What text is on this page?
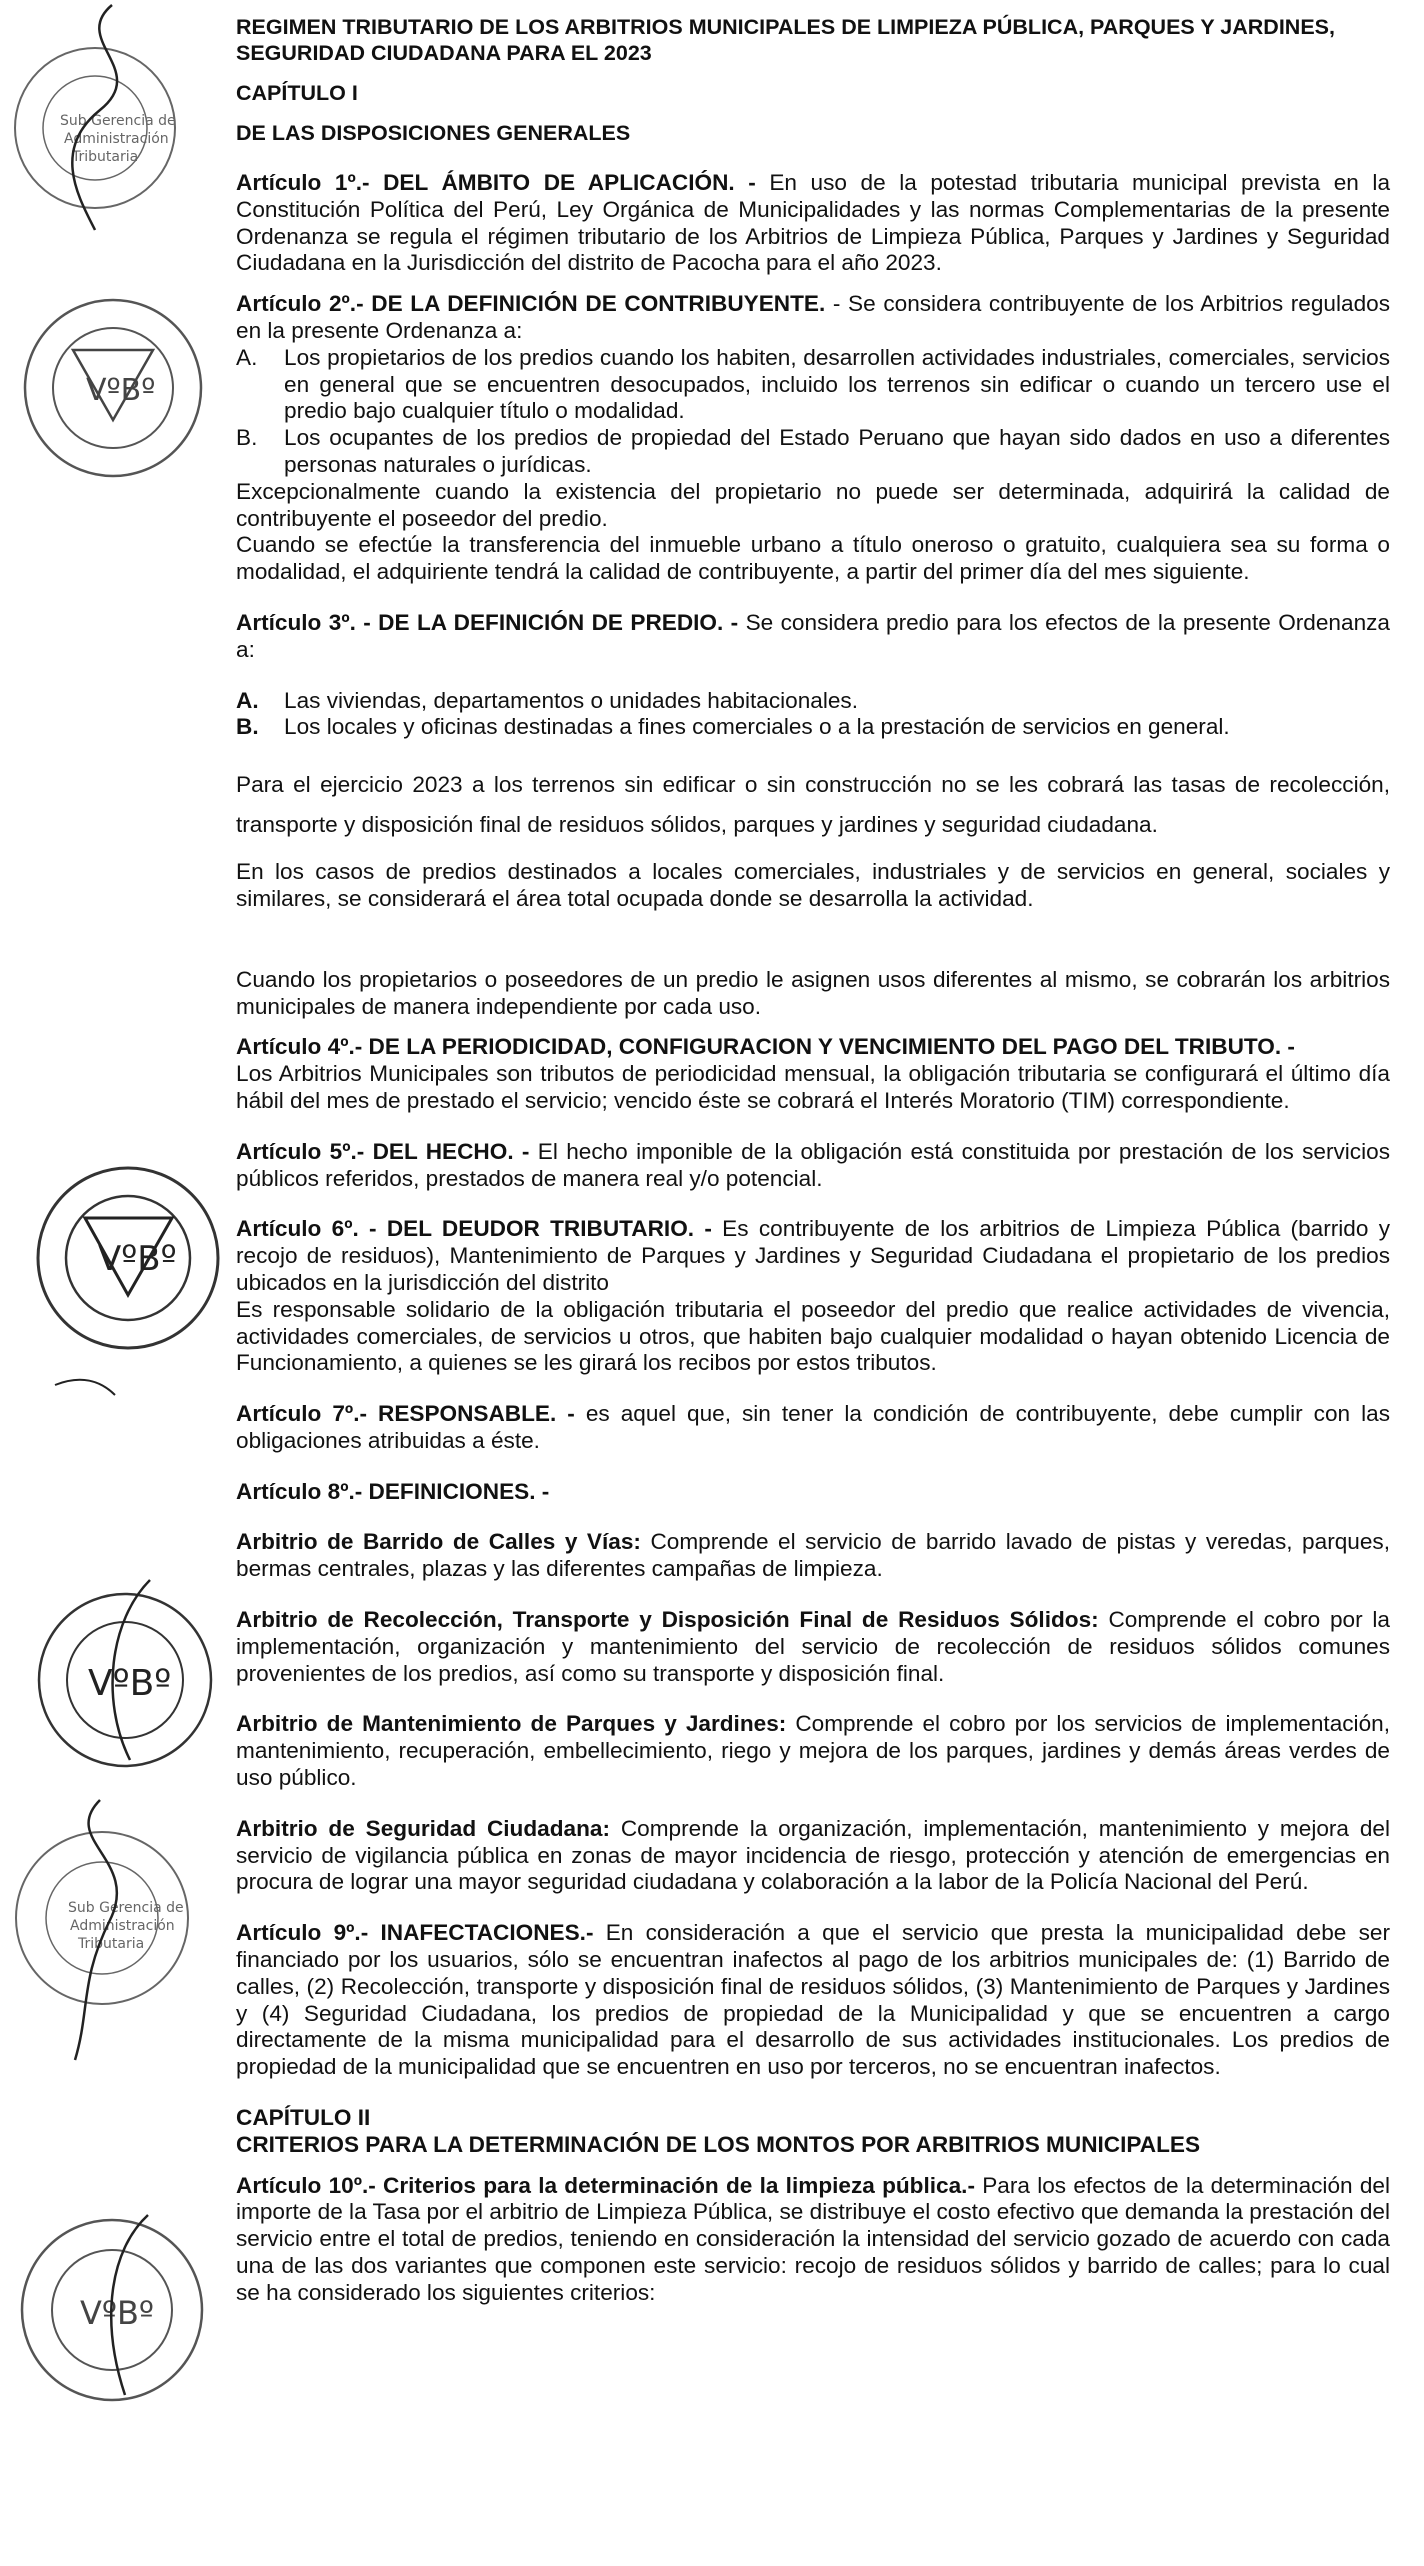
Sub Gerencia de
Administración
Tributaria
VºBº
VºBº
VºBº
Sub Gerencia de
Administración
Tributaria
VºBº

REGIMEN TRIBUTARIO DE LOS ARBITRIOS MUNICIPALES DE LIMPIEZA PÚBLICA, PARQUES Y JARDINES,

SEGURIDAD CIUDADANA PARA EL 2023

CAPÍTULO I

DE LAS DISPOSICIONES GENERALES

Artículo 1º.- DEL ÁMBITO DE APLICACIÓN. - En uso de la potestad tributaria municipal prevista en la Constitución Política del Perú, Ley Orgánica de Municipalidades y las normas Complementarias de la presente Ordenanza se regula el régimen tributario de los Arbitrios de Limpieza Pública, Parques y Jardines y Seguridad Ciudadana en la Jurisdicción del distrito de Pacocha para el año 2023.

Artículo 2º.- DE LA DEFINICIÓN DE CONTRIBUYENTE. - Se considera contribuyente de los Arbitrios regulados en la presente Ordenanza a:

A.	Los propietarios de los predios cuando los habiten, desarrollen actividades industriales, comerciales, servicios en general que se encuentren desocupados, incluido los terrenos sin edificar o cuando un tercero use el predio bajo cualquier título o modalidad.
B.	Los ocupantes de los predios de propiedad del Estado Peruano que hayan sido dados en uso a diferentes personas naturales o jurídicas.

Excepcionalmente cuando la existencia del propietario no puede ser determinada, adquirirá la calidad de contribuyente el poseedor del predio.

Cuando se efectúe la transferencia del inmueble urbano a título oneroso o gratuito, cualquiera sea su forma o modalidad, el adquiriente tendrá la calidad de contribuyente, a partir del primer día del mes siguiente.

Artículo 3º. - DE LA DEFINICIÓN DE PREDIO. - Se considera predio para los efectos de la presente Ordenanza a:

A.	Las viviendas, departamentos o unidades habitacionales.
B.	Los locales y oficinas destinadas a fines comerciales o a la prestación de servicios en general.

Para el ejercicio 2023 a los terrenos sin edificar o sin construcción no se les cobrará las tasas de recolección, transporte y disposición final de residuos sólidos, parques y jardines y seguridad ciudadana.

En los casos de predios destinados a locales comerciales, industriales y de servicios en general, sociales y similares, se considerará el área total ocupada donde se desarrolla la actividad.

Cuando los propietarios o poseedores de un predio le asignen usos diferentes al mismo, se cobrarán los arbitrios municipales de manera independiente por cada uso.

Artículo 4º.- DE LA PERIODICIDAD, CONFIGURACION Y VENCIMIENTO DEL PAGO DEL TRIBUTO. -

Los Arbitrios Municipales son tributos de periodicidad mensual, la obligación tributaria se configurará el último día hábil del mes de prestado el servicio; vencido éste se cobrará el Interés Moratorio (TIM) correspondiente.

Artículo 5º.- DEL HECHO. - El hecho imponible de la obligación está constituida por prestación de los servicios públicos referidos, prestados de manera real y/o potencial.

Artículo 6º. - DEL DEUDOR TRIBUTARIO. - Es contribuyente de los arbitrios de Limpieza Pública (barrido y recojo de residuos), Mantenimiento de Parques y Jardines y Seguridad Ciudadana el propietario de los predios ubicados en la jurisdicción del distrito

Es responsable solidario de la obligación tributaria el poseedor del predio que realice actividades de vivencia, actividades comerciales, de servicios u otros, que habiten bajo cualquier modalidad o hayan obtenido Licencia de Funcionamiento, a quienes se les girará los recibos por estos tributos.

Artículo 7º.- RESPONSABLE. - es aquel que, sin tener la condición de contribuyente, debe cumplir con las obligaciones atribuidas a éste.

Artículo 8º.- DEFINICIONES. -

Arbitrio de Barrido de Calles y Vías: Comprende el servicio de barrido lavado de pistas y veredas, parques, bermas centrales, plazas y las diferentes campañas de limpieza.

Arbitrio de Recolección, Transporte y Disposición Final de Residuos Sólidos: Comprende el cobro por la implementación, organización y mantenimiento del servicio de recolección de residuos sólidos comunes provenientes de los predios, así como su transporte y disposición final.

Arbitrio de Mantenimiento de Parques y Jardines: Comprende el cobro por los servicios de implementación, mantenimiento, recuperación, embellecimiento, riego y mejora de los parques, jardines y demás áreas verdes de uso público.

Arbitrio de Seguridad Ciudadana: Comprende la organización, implementación, mantenimiento y mejora del servicio de vigilancia pública en zonas de mayor incidencia de riesgo, protección y atención de emergencias en procura de lograr una mayor seguridad ciudadana y colaboración a la labor de la Policía Nacional del Perú.

Artículo 9º.- INAFECTACIONES.- En consideración a que el servicio que presta la municipalidad debe ser financiado por los usuarios, sólo se encuentran inafectos al pago de los arbitrios municipales de: (1) Barrido de calles, (2) Recolección, transporte y disposición final de residuos sólidos, (3) Mantenimiento de Parques y Jardines y (4) Seguridad Ciudadana, los predios de propiedad de la Municipalidad y que se encuentren a cargo directamente de la misma municipalidad para el desarrollo de sus actividades institucionales. Los predios de propiedad de la municipalidad que se encuentren en uso por terceros, no se encuentran inafectos.

CAPÍTULO II

CRITERIOS PARA LA DETERMINACIÓN DE LOS MONTOS POR ARBITRIOS MUNICIPALES

Artículo 10º.- Criterios para la determinación de la limpieza pública.- Para los efectos de la determinación del importe de la Tasa por el arbitrio de Limpieza Pública, se distribuye el costo efectivo que demanda la prestación del servicio entre el total de predios, teniendo en consideración la intensidad del servicio gozado de acuerdo con cada una de las dos variantes que componen este servicio: recojo de residuos sólidos y barrido de calles; para lo cual se ha considerado los siguientes criterios:
